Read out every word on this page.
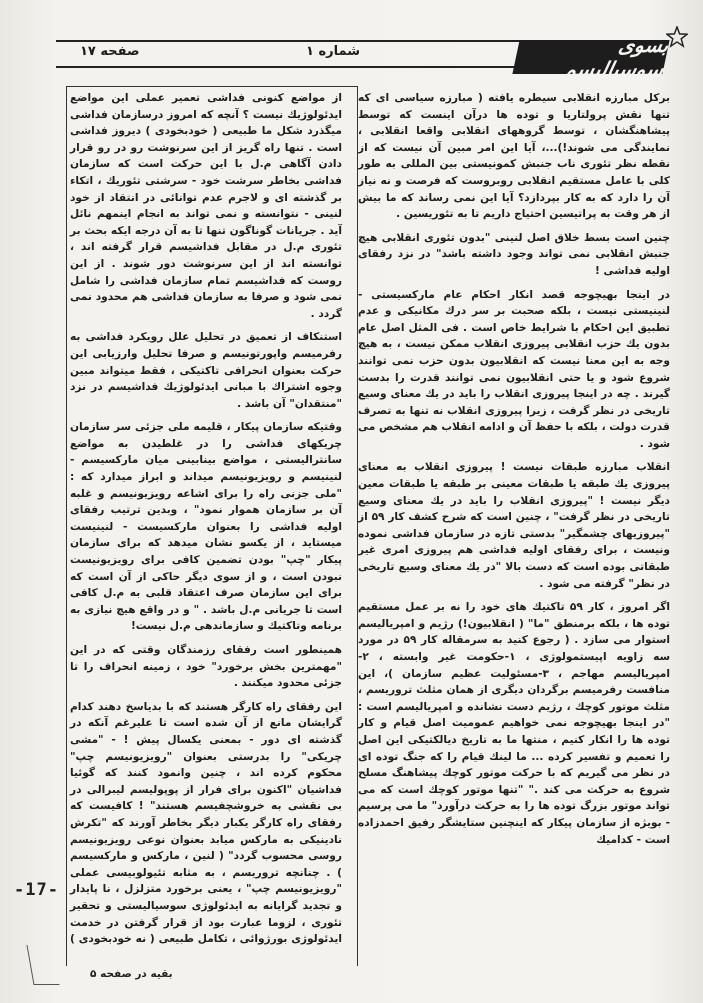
صفحه ۱۷	شماره ۱	بسوی سوسیالیسم

بركل مبارزه انقلابی سیطره یافته ( مبارزه سیاسی ای كه تنها نقش پرولتاریا و توده ها درآن اینست كه توسط پیشاهنگشان ، توسط گروههای انقلابی واقعا انقلابی ، نمایندگی می شوند!)...، آیا این امر مبین آن نیست كه از نقطه نظر تئوری ناب جنبش كمونیستی بین المللی به طور كلی با عامل مستقیم انقلابی روبروست كه فرصت و نه نیاز آن را دارد كه به كار بپردازد؟ آیا این نمی رساند كه ما بیش از هر وقت به پراتیسین احتیاج داریم تا به تئوریسین .

چنین است بسط خلاق اصل لنینی "بدون تئوری انقلابی هیچ جنبش انقلابی نمی تواند وجود داشته باشد" در نزد رفقای اولیه فداشی !

در اینجا بهیچوجه قصد انكار احكام عام ماركسیستی - لنینیستی نیست ، بلكه صحبت بر سر درك مكانیكی و عدم تطبیق این احكام با شرایط خاص است . فی المثل اصل عام بدون یك حزب انقلابی پیروزی انقلاب ممكن نیست ، به هیچ وجه به این معنا نیست كه انقلابیون بدون حزب نمی توانند شروع شود و یا حتی انقلابیون نمی توانند قدرت را بدست گیرند . چه در اینجا پیروزی انقلاب را باید در یك معنای وسیع تاریخی در نظر گرفت ، زیرا پیروزی انقلاب نه تنها به تصرف قدرت دولت ، بلكه با حفظ آن و ادامه انقلاب هم مشخص می شود .

انقلاب مبارزه طبقات نیست ! پیروزی انقلاب به معنای پیروزی یك طبقه یا طبقات معینی بر طبقه یا طبقات معین دیگر نیست ! "پیروزی انقلاب را باید در یك معنای وسیع تاریخی در نظر گرفت" ، چنین است كه شرح كشف كار ۵۹ از "پیروزیهای چشمگیر" بدستی تازه در سازمان فداشی نموده ونیست ، برای رفقای اولیه فداشی هم پیروزی امری غیر طبقاتی بوده است كه دست بالا "در یك معنای وسیع تاریخی در نظر" گرفته می شود .

اگر امروز ، كار ۵۹ تاكتیك های خود را نه بر عمل مستقیم توده ها ، بلكه برمنطق "ما" ( انقلابیون!) رژیم و امپریالیسم استوار می سازد . ( رجوع كنید به سرمقاله كار ۵۹ در مورد سه زاویه اپیستمولوژی ، ۱-حكومت غیر وابسته ، ۲-امپریالیسم مهاجم ، ۳-مسئولیت عظیم سازمان )، این منافست رفرمیسم برگردان دیگری از همان مثلث تروریسم ، مثلث موتور كوچك ، رژیم دست نشانده و امپریالیسم است : "در اینجا بهیچوجه نمی خواهیم عمومیت اصل قیام و كار توده ها را انكار كنیم ، منتها ما به تاریخ دیالكتیكی این اصل را تعمیم و تفسیر كرده ... ما لینك قیام را كه جنگ توده ای در نظر می گیریم كه با حركت موتور كوچك پیشاهنگ مسلح شروع به حركت می كند ." "تنها موتور كوچك است كه می تواند موتور بزرگ توده ها را به حركت درآورد" ما می پرسیم - بویژه از سازمان پیكار كه اینچنین ستایشگر رفیق احمدزاده است - كدامیك

از مواضع كنونی فداشی تعمیر عملی این مواضع ایدئولوژیك نیست ؟ آنچه كه امروز درسازمان فداشی میگذرد شكل ما طبیعی ( خودبخودی ) دیروز فداشی است . تنها راه گریز از این سرنوشت رو در رو قرار دادن آگاهی م.ل با این حركت است كه سازمان فداشی بخاطر سرشت خود - سرشتی تئوریك ، اتكاء بر گذشته ای و لاجرم عدم توانائی در انتقاد از خود لنینی - نتوانسته و نمی تواند به انجام اینمهم نائل آید . جریانات گوناگون تنها تا به آن درجه ایكه بحث بر تئوری م.ل در مقابل فداشیسم قرار گرفته اند ، توانسته اند از این سرنوشت دور شوند . از این روست كه فداشیسم تمام سازمان فداشی را شامل نمی شود و صرفا به سازمان فداشی هم محدود نمی گردد .

استنكاف از تعمیق در تحلیل علل رویكرد فداشی به رفرمیسم واپورتونیسم و صرفا تحلیل وارزیابی این حركت بعنوان انحرافی تاكتیكی ، فقط میتواند مبین وجوه اشتراك با مبانی ایدئولوژیك فداشیسم در نزد "منتقدان" آن باشد .

وقتیكه سازمان پیكار ، قلیمه ملی جزئی سر سازمان چریكهای فداشی را در غلطیدن به مواضع سانترالیستی ، مواضع بینابینی میان ماركسیسم - لنینیسم و رویزیونیسم میداند و ابراز میدارد كه : "ملی جزنی راه را برای اشاعه رویزیونیسم و غلبه آن بر سازمان هموار نمود" ، وبدین ترتیب رفقای اولیه فداشی را بعنوان ماركسیست - لنینیست میستاید ، از یكسو نشان میدهد كه برای سازمان پیكار "چپ" بودن تضمین كافی برای رویزیونیست نبودن است ، و از سوی دیگر حاكی از آن است كه برای این سازمان صرف اعتقاد قلبی به م.ل كافی است تا جریانی م.ل باشد . " و در واقع هیچ نیازی به برنامه وتاكتیك و سازماندهی م.ل نیست!

همینطور است رفقای رزمندگان وقتی كه در این "مهمترین بخش برخورد" خود ، زمینه انحراف را تا جزئی محدود میكنند .

این رفقای راه كارگر هستند كه با بدیاسخ دهند كدام گرایشان مانع از آن شده است تا علیرغم آنكه در گذشته ای دور - بمعنی یكسال پیش ! - "مشی چریكی" را بدرستی بعنوان "رویزیونیسم چپ" محكوم كرده اند ، چنین وانمود كنند كه گوئیا فداشیان "اكنون برای فرار از پوپولیسم لیبرالی در بی نقشی به خروشچفیسم هستند" ! كافیست كه رفقای راه كارگر یكبار دیگر بخاطر آورند كه "تكرش نادینیكی به ماركس میابد بعنوان نوعی رویزیونیسم روسی محسوب گردد" ( لنین ، ماركس و ماركسیسم ) . چنانچه تروریسم ، به مثابه تئیولوبیسی عملی "رویزیونیسم چپ" ، یعنی برخورد متزلزل ، نا پایدار و تجدید گرایانه به ایدئولوژی سوسیالیستی و تحقیر تئوری ، لزوما عبارت بود از قرار گرفتن در خدمت ایدئولوژی بورژوائی ، تكامل طبیعی ( نه خودبخودی )

بقیه در صفحه ۵
-17-
